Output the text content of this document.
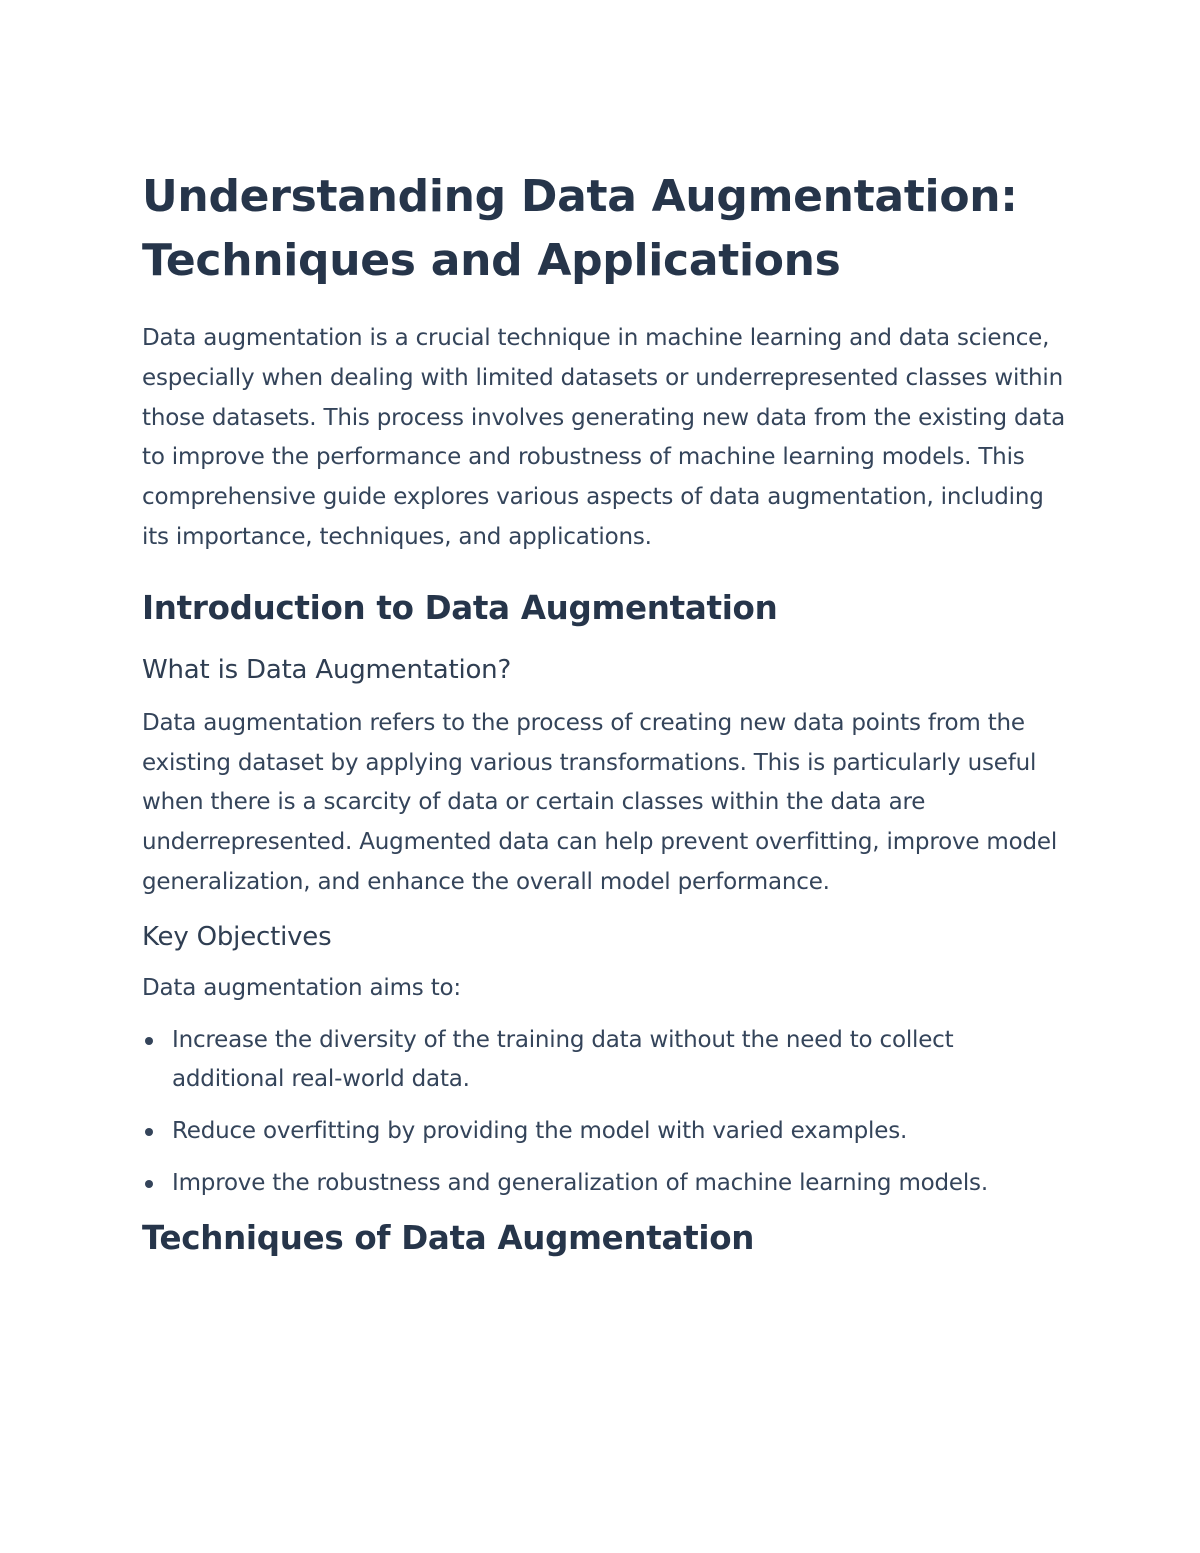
Understanding Data Augmentation:
Techniques and Applications

Data augmentation is a crucial technique in machine learning and data science, especially when dealing with limited datasets or underrepresented classes within those datasets. This process involves generating new data from the existing data to improve the performance and robustness of machine learning models. This comprehensive guide explores various aspects of data augmentation, including its importance, techniques, and applications.

Introduction to Data Augmentation
What is Data Augmentation?

Data augmentation refers to the process of creating new data points from the existing dataset by applying various transformations. This is particularly useful when there is a scarcity of data or certain classes within the data are underrepresented. Augmented data can help prevent overfitting, improve model generalization, and enhance the overall model performance.

Key Objectives

Data augmentation aims to:

Increase the diversity of the training data without the need to collect additional real-world data.
Reduce overfitting by providing the model with varied examples.
Improve the robustness and generalization of machine learning models.
Techniques of Data Augmentation
